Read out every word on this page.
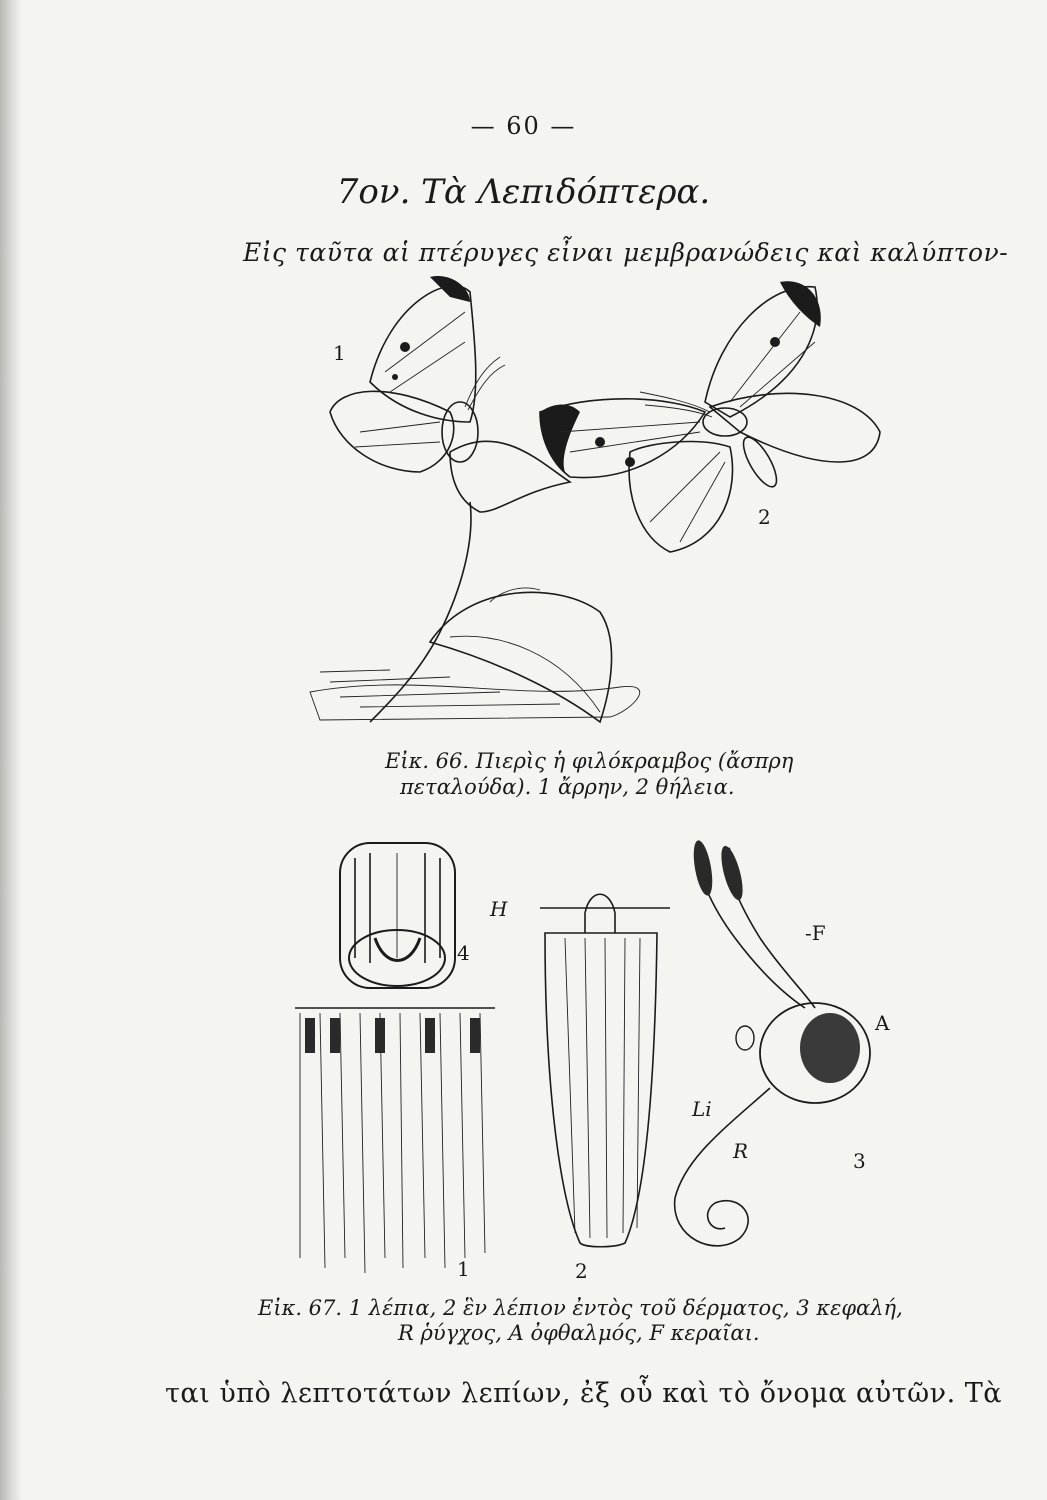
— 60 —
7ον. Τὰ Λεπιδόπτερα.
Εἰς ταῦτα αἱ πτέρυγες εἶναι μεμβρανώδεις καὶ καλύπτον-
1
2
Εἰκ. 66. Πιερὶς ἡ φιλόκραμβος (ἄσπρη
πεταλούδα). 1 ἄρρην, 2 θήλεια.
4
H
-F
A
Li
R	3
1	2
Εἰκ. 67. 1 λέπια, 2 ἓν λέπιον ἐντὸς τοῦ δέρματος, 3 κεφαλή,
R ῥύγχος, A ὀφθαλμός, F κεραῖαι.
ται ὑπὸ λεπτοτάτων λεπίων, ἐξ οὗ καὶ τὸ ὄνομα αὐτῶν. Τὰ
